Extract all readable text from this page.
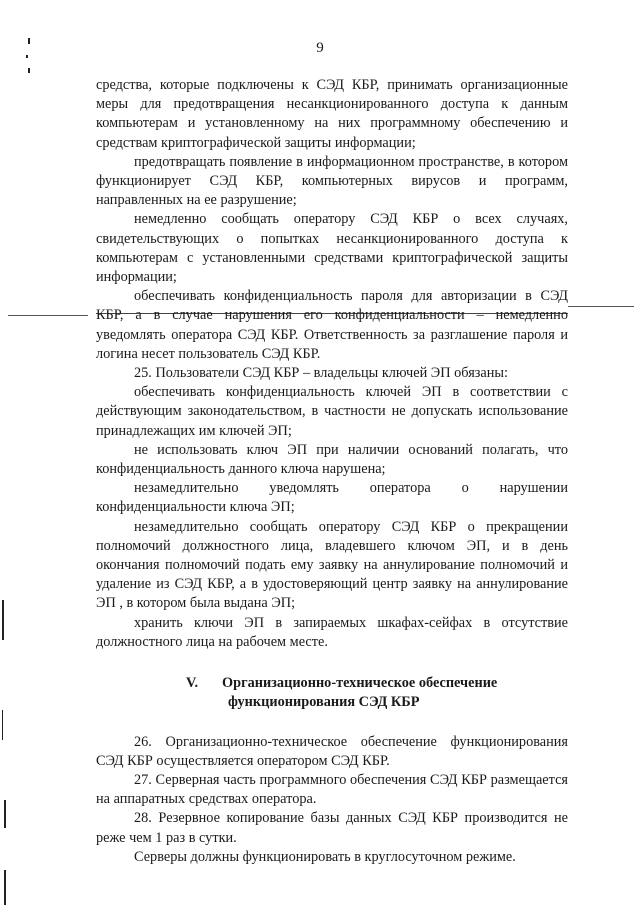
9

средства, которые подключены к СЭД КБР, принимать организационные меры для предотвращения несанкционированного доступа к данным компьютерам и установленному на них программному обеспечению и средствам криптографической защиты информации;

предотвращать появление в информационном пространстве, в котором функционирует СЭД КБР, компьютерных вирусов и программ, направленных на ее разрушение;

немедленно сообщать оператору СЭД КБР о всех случаях, свидетельствующих о попытках несанкционированного доступа к компьютерам с установленными средствами криптографической защиты информации;

обеспечивать конфиденциальность пароля для авторизации в СЭД КБР, а в случае нарушения его конфиденциальности – немедленно уведомлять оператора СЭД КБР. Ответственность за разглашение пароля и логина несет пользователь СЭД КБР.

25. Пользователи СЭД КБР – владельцы ключей ЭП обязаны:

обеспечивать конфиденциальность ключей ЭП в соответствии с действующим законодательством, в частности не допускать использование принадлежащих им ключей ЭП;

не использовать ключ ЭП при наличии оснований полагать, что конфиденциальность данного ключа нарушена;

незамедлительно уведомлять оператора о нарушении конфиденциальности ключа ЭП;

незамедлительно сообщать оператору СЭД КБР о прекращении полномочий должностного лица, владевшего ключом ЭП, и в день окончания полномочий подать ему заявку на аннулирование полномочий и удаление из СЭД КБР, а в удостоверяющий центр заявку на аннулирование ЭП , в котором была выдана ЭП;

хранить ключи ЭП в запираемых шкафах-сейфах в отсутствие должностного лица на рабочем месте.

V.	Организационно-техническое обеспечение
функционирования СЭД КБР

26. Организационно-техническое обеспечение функционирования СЭД КБР осуществляется оператором СЭД КБР.

27. Серверная часть программного обеспечения СЭД КБР размещается на аппаратных средствах оператора.

28. Резервное копирование базы данных СЭД КБР производится не реже чем 1 раз в сутки.

Серверы должны функционировать в круглосуточном режиме.
